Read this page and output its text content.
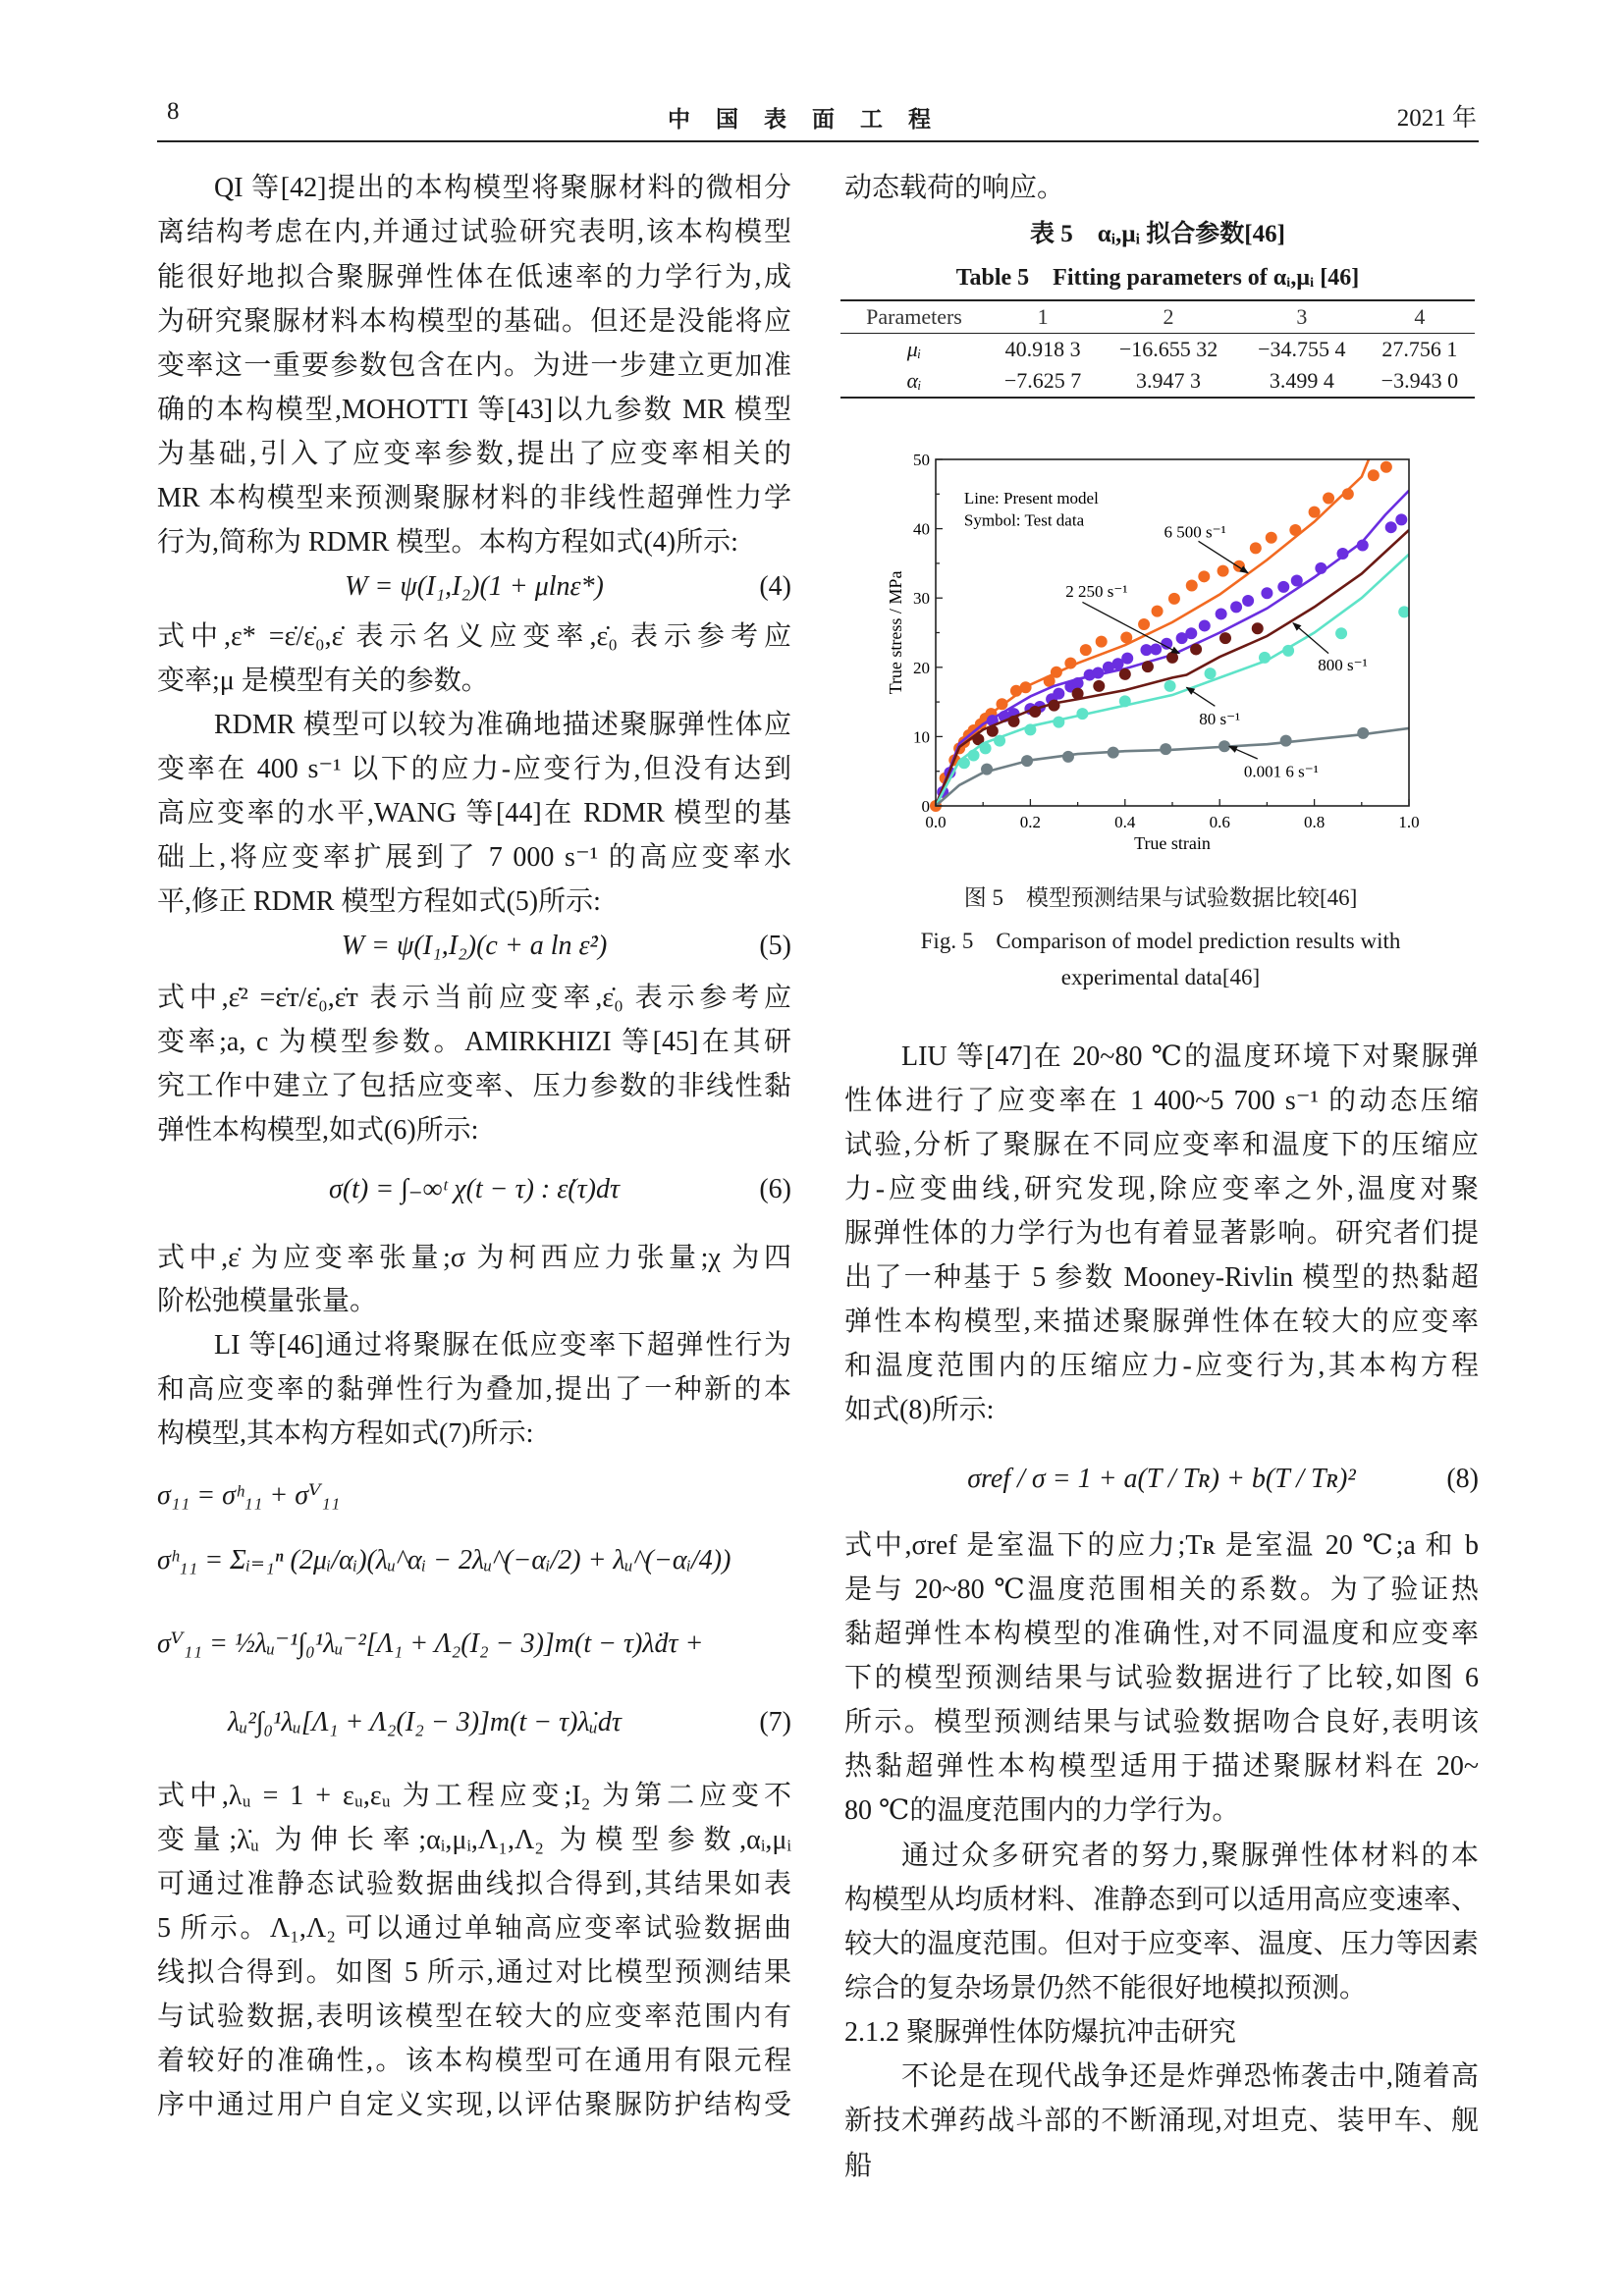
8	中国表面工程	2021 年
QI 等[42]提出的本构模型将聚脲材料的微相分
离结构考虑在内,并通过试验研究表明,该本构模型
能很好地拟合聚脲弹性体在低速率的力学行为,成
为研究聚脲材料本构模型的基础。但还是没能将应
变率这一重要参数包含在内。为进一步建立更加准
确的本构模型,MOHOTTI 等[43]以九参数 MR 模型
为基础,引入了应变率参数,提出了应变率相关的
MR 本构模型来预测聚脲材料的非线性超弹性力学
行为,简称为 RDMR 模型。本构方程如式(4)所示:
W = ψ(I₁,I₂)(1 + μlnε*)	(4)
式中,ε* =ε̇/ε̇₀,ε̇ 表示名义应变率,ε̇₀ 表示参考应
变率;μ 是模型有关的参数。
RDMR 模型可以较为准确地描述聚脲弹性体应
变率在 400 s⁻¹ 以下的应力-应变行为,但没有达到
高应变率的水平,WANG 等[44]在 RDMR 模型的基
础上,将应变率扩展到了 7 000 s⁻¹ 的高应变率水
平,修正 RDMR 模型方程如式(5)所示:
W = ψ(I₁,I₂)(c + a ln ε̇²)	(5)
式中,ε̇² =ε̇ᴛ/ε̇₀,ε̇ᴛ 表示当前应变率,ε̇₀ 表示参考应
变率;a, c 为模型参数。AMIRKHIZI 等[45]在其研
究工作中建立了包括应变率、压力参数的非线性黏
弹性本构模型,如式(6)所示:
σ(t) = ∫₋∞ᵗ χ(t − τ) : ε̇(τ)dτ	(6)
式中,ε̇ 为应变率张量;σ 为柯西应力张量;χ 为四
阶松弛模量张量。
LI 等[46]通过将聚脲在低应变率下超弹性行为
和高应变率的黏弹性行为叠加,提出了一种新的本
构模型,其本构方程如式(7)所示:
σ₁₁ = σʰ₁₁ + σⱽ₁₁
σʰ₁₁ = Σᵢ₌₁ⁿ (2μᵢ/αᵢ)(λᵤ^αᵢ − 2λᵤ^(−αᵢ/2) + λᵤ^(−αᵢ/4))
σⱽ₁₁ = ½λᵤ⁻¹∫₀¹λᵤ⁻²[Λ₁ + Λ₂(I₂ − 3)]m(t − τ)λ̇dτ +
λᵤ²∫₀¹λᵤ[Λ₁ + Λ₂(I₂ − 3)]m(t − τ)λ̇ᵤdτ	(7)
式中,λᵤ = 1 + εᵤ,εᵤ 为工程应变;I₂ 为第二应变不
变量;λ̇ᵤ 为伸长率;αᵢ,μᵢ,Λ₁,Λ₂ 为模型参数,αᵢ,μᵢ
可通过准静态试验数据曲线拟合得到,其结果如表
5 所示。Λ₁,Λ₂ 可以通过单轴高应变率试验数据曲
线拟合得到。如图 5 所示,通过对比模型预测结果
与试验数据,表明该模型在较大的应变率范围内有
着较好的准确性,。该本构模型可在通用有限元程
序中通过用户自定义实现,以评估聚脲防护结构受
动态载荷的响应。
LIU 等[47]在 20~80 ℃的温度环境下对聚脲弹
性体进行了应变率在 1 400~5 700 s⁻¹ 的动态压缩
试验,分析了聚脲在不同应变率和温度下的压缩应
力-应变曲线,研究发现,除应变率之外,温度对聚
脲弹性体的力学行为也有着显著影响。研究者们提
出了一种基于 5 参数 Mooney-Rivlin 模型的热黏超
弹性本构模型,来描述聚脲弹性体在较大的应变率
和温度范围内的压缩应力-应变行为,其本构方程
如式(8)所示:
σref / σ = 1 + a(T / Tʀ) + b(T / Tʀ)²	(8)
式中,σref 是室温下的应力;Tʀ 是室温 20 ℃;a 和 b
是与 20~80 ℃温度范围相关的系数。为了验证热
黏超弹性本构模型的准确性,对不同温度和应变率
下的模型预测结果与试验数据进行了比较,如图 6
所示。模型预测结果与试验数据吻合良好,表明该
热黏超弹性本构模型适用于描述聚脲材料在 20~
80 ℃的温度范围内的力学行为。
通过众多研究者的努力,聚脲弹性体材料的本
构模型从均质材料、准静态到可以适用高应变速率、
较大的温度范围。但对于应变率、温度、压力等因素
综合的复杂场景仍然不能很好地模拟预测。
2.1.2 聚脲弹性体防爆抗冲击研究
不论是在现代战争还是炸弹恐怖袭击中,随着高
新技术弹药战斗部的不断涌现,对坦克、装甲车、舰船
表 5　αᵢ,μᵢ 拟合参数[46]
Table 5　Fitting parameters of αᵢ,μᵢ [46]
Parameters	1	2	3	4
μᵢ	40.918 3	−16.655 32	−34.755 4	27.756 1
αᵢ	−7.625 7	3.947 3	3.499 4	−3.943 0
0.0	0.2	0.4	0.6	0.8	1.0
0
10
20
30
40
50
True strain
True stress / MPa
Line: Present model
Symbol: Test data
6 500 s⁻¹
2 250 s⁻¹
800 s⁻¹
80 s⁻¹
0.001 6 s⁻¹
图 5　模型预测结果与试验数据比较[46]
Fig. 5　Comparison of model prediction results with
experimental data[46]
